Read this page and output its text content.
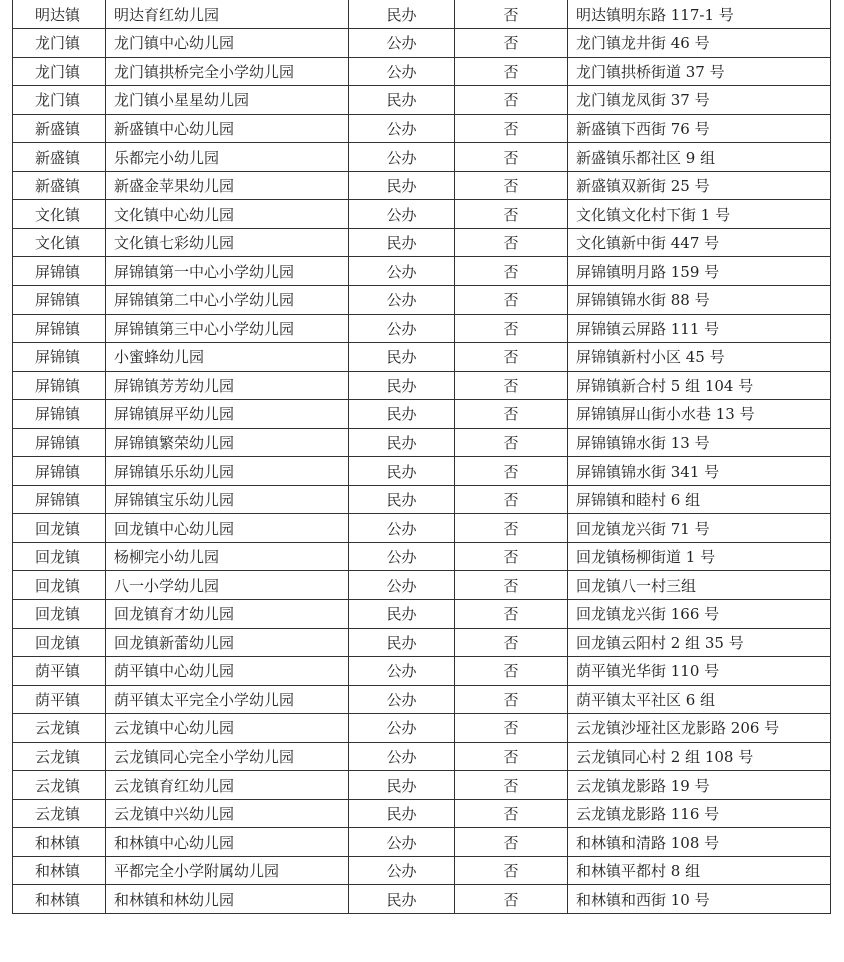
明达镇	明达育红幼儿园	民办	否	明达镇明东路 117-1 号
龙门镇	龙门镇中心幼儿园	公办	否	龙门镇龙井街 46 号
龙门镇	龙门镇拱桥完全小学幼儿园	公办	否	龙门镇拱桥街道 37 号
龙门镇	龙门镇小星星幼儿园	民办	否	龙门镇龙凤街 37 号
新盛镇	新盛镇中心幼儿园	公办	否	新盛镇下西街 76 号
新盛镇	乐都完小幼儿园	公办	否	新盛镇乐都社区 9 组
新盛镇	新盛金苹果幼儿园	民办	否	新盛镇双新街 25 号
文化镇	文化镇中心幼儿园	公办	否	文化镇文化村下街 1 号
文化镇	文化镇七彩幼儿园	民办	否	文化镇新中街 447 号
屏锦镇	屏锦镇第一中心小学幼儿园	公办	否	屏锦镇明月路 159 号
屏锦镇	屏锦镇第二中心小学幼儿园	公办	否	屏锦镇锦水街 88 号
屏锦镇	屏锦镇第三中心小学幼儿园	公办	否	屏锦镇云屏路 111 号
屏锦镇	小蜜蜂幼儿园	民办	否	屏锦镇新村小区 45 号
屏锦镇	屏锦镇芳芳幼儿园	民办	否	屏锦镇新合村 5 组 104 号
屏锦镇	屏锦镇屏平幼儿园	民办	否	屏锦镇屏山街小水巷 13 号
屏锦镇	屏锦镇繁荣幼儿园	民办	否	屏锦镇锦水街 13 号
屏锦镇	屏锦镇乐乐幼儿园	民办	否	屏锦镇锦水街 341 号
屏锦镇	屏锦镇宝乐幼儿园	民办	否	屏锦镇和睦村 6 组
回龙镇	回龙镇中心幼儿园	公办	否	回龙镇龙兴街 71 号
回龙镇	杨柳完小幼儿园	公办	否	回龙镇杨柳街道 1 号
回龙镇	八一小学幼儿园	公办	否	回龙镇八一村三组
回龙镇	回龙镇育才幼儿园	民办	否	回龙镇龙兴街 166 号
回龙镇	回龙镇新蕾幼儿园	民办	否	回龙镇云阳村 2 组 35 号
荫平镇	荫平镇中心幼儿园	公办	否	荫平镇光华街 110 号
荫平镇	荫平镇太平完全小学幼儿园	公办	否	荫平镇太平社区 6 组
云龙镇	云龙镇中心幼儿园	公办	否	云龙镇沙垭社区龙影路 206 号
云龙镇	云龙镇同心完全小学幼儿园	公办	否	云龙镇同心村 2 组 108 号
云龙镇	云龙镇育红幼儿园	民办	否	云龙镇龙影路 19 号
云龙镇	云龙镇中兴幼儿园	民办	否	云龙镇龙影路 116 号
和林镇	和林镇中心幼儿园	公办	否	和林镇和清路 108 号
和林镇	平都完全小学附属幼儿园	公办	否	和林镇平都村 8 组
和林镇	和林镇和林幼儿园	民办	否	和林镇和西街 10 号
